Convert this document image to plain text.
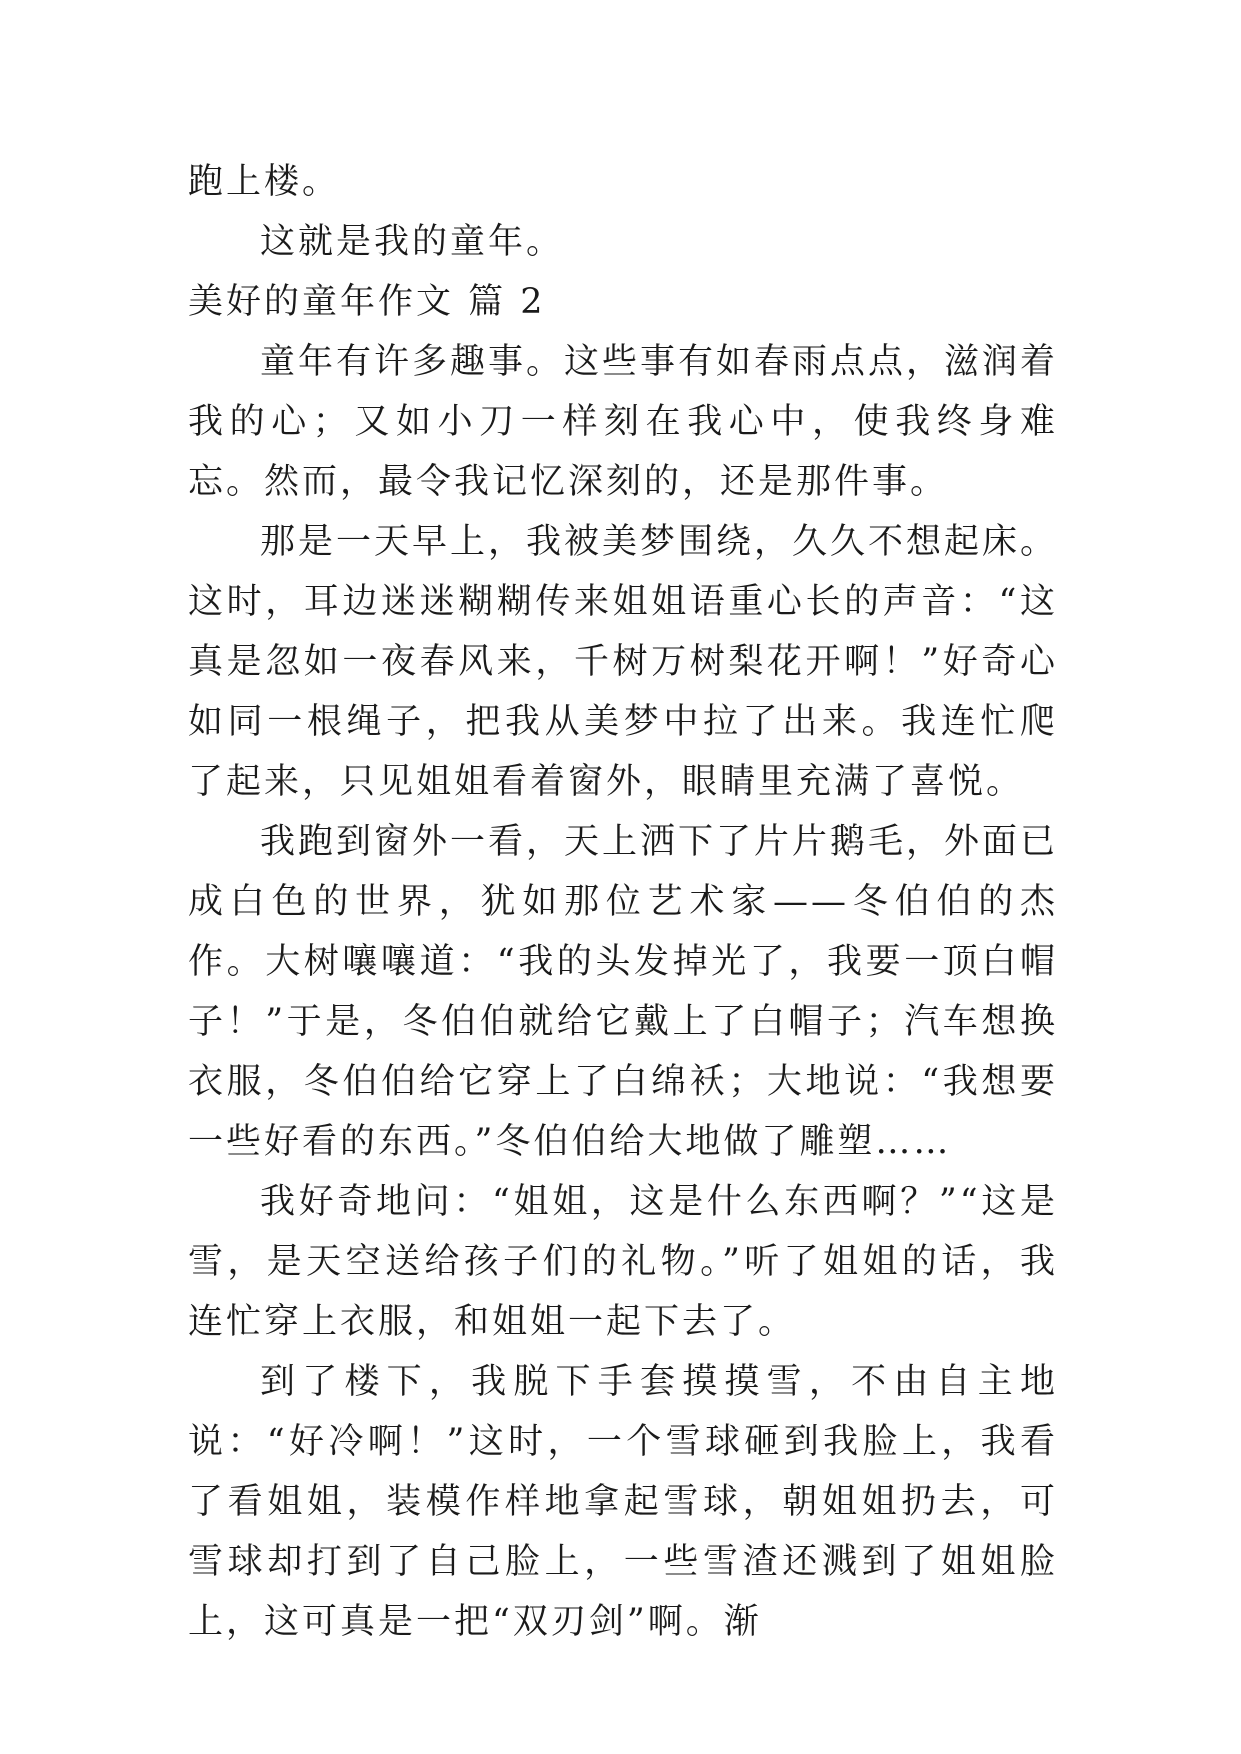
跑上楼。

这就是我的童年。

美好的童年作文 篇 2

童年有许多趣事。这些事有如春雨点点，滋润着我的心；又如小刀一样刻在我心中，使我终身难忘。然而，最令我记忆深刻的，还是那件事。

那是一天早上，我被美梦围绕，久久不想起床。这时，耳边迷迷糊糊传来姐姐语重心长的声音：“这真是忽如一夜春风来，千树万树梨花开啊！”好奇心如同一根绳子，把我从美梦中拉了出来。我连忙爬了起来，只见姐姐看着窗外，眼睛里充满了喜悦。

我跑到窗外一看，天上洒下了片片鹅毛，外面已成白色的世界，犹如那位艺术家——冬伯伯的杰作。大树嚷嚷道：“我的头发掉光了，我要一顶白帽子！”于是，冬伯伯就给它戴上了白帽子；汽车想换衣服，冬伯伯给它穿上了白绵袄；大地说：“我想要一些好看的东西。”冬伯伯给大地做了雕塑……

我好奇地问：“姐姐，这是什么东西啊？”“这是雪，是天空送给孩子们的礼物。”听了姐姐的话，我连忙穿上衣服，和姐姐一起下去了。

到了楼下，我脱下手套摸摸雪，不由自主地说：“好冷啊！”这时，一个雪球砸到我脸上，我看了看姐姐，装模作样地拿起雪球，朝姐姐扔去，可雪球却打到了自己脸上，一些雪渣还溅到了姐姐脸上，这可真是一把“双刃剑”啊。渐
